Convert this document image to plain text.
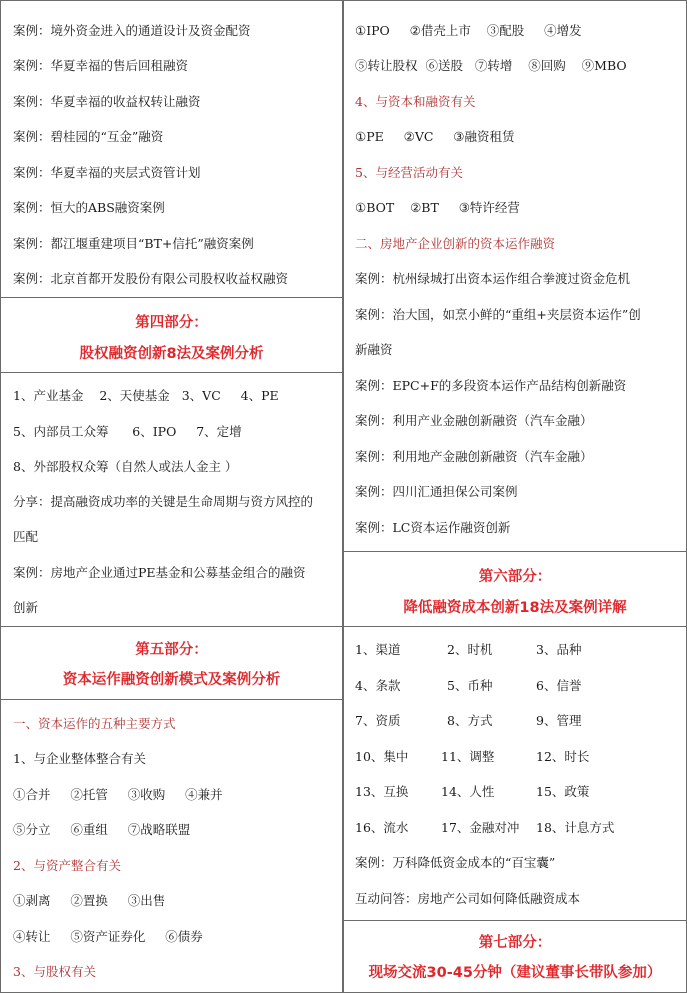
案例：境外资金进入的通道设计及资金配资
案例：华夏幸福的售后回租融资
案例：华夏幸福的收益权转让融资
案例：碧桂园的“互金”融资
案例：华夏幸福的夹层式资管计划
案例：恒大的ABS融资案例
案例：都江堰重建项目“BT+信托”融资案例
案例：北京首都开发股份有限公司股权收益权融资
第四部分：
股权融资创新8法及案例分析
1、产业基金    2、天使基金   3、VC     4、PE
5、内部员工众筹      6、IPO     7、定增
8、外部股权众筹（自然人或法人金主 ）
分享：提高融资成功率的关键是生命周期与资方风控的
匹配
案例：房地产企业通过PE基金和公募基金组合的融资
创新
第五部分：
资本运作融资创新模式及案例分析
一、资本运作的五种主要方式
1、与企业整体整合有关
①合并     ②托管     ③收购     ④兼并
⑤分立     ⑥重组     ⑦战略联盟
2、与资产整合有关
①剥离     ②置换     ③出售
④转让     ⑤资产证券化     ⑥债券
3、与股权有关
①IPO     ②借壳上市    ③配股     ④增发
⑤转让股权  ⑥送股   ⑦转增    ⑧回购    ⑨MBO
4、与资本和融资有关
①PE     ②VC     ③融资租赁
5、与经营活动有关
①BOT    ②BT     ③特许经营
二、房地产企业创新的资本运作融资
案例：杭州绿城打出资本运作组合拳渡过资金危机
案例：治大国，如烹小鲜的“重组+夹层资本运作”创
新融资
案例：EPC+F的多段资本运作产品结构创新融资
案例：利用产业金融创新融资（汽车金融）
案例：利用地产金融创新融资（汽车金融）
案例：四川汇通担保公司案例
案例：LC资本运作融资创新
第六部分：
降低融资成本创新18法及案例详解
1、渠道	2、时机	3、品种
4、条款	5、币种	6、信誉
7、资质	8、方式	9、管理
10、集中	11、调整	12、时长
13、互换	14、人性	15、政策
16、流水	17、金融对冲	18、计息方式
案例：万科降低资金成本的“百宝囊”
互动问答：房地产公司如何降低融资成本
第七部分：
现场交流30-45分钟（建议董事长带队参加）
